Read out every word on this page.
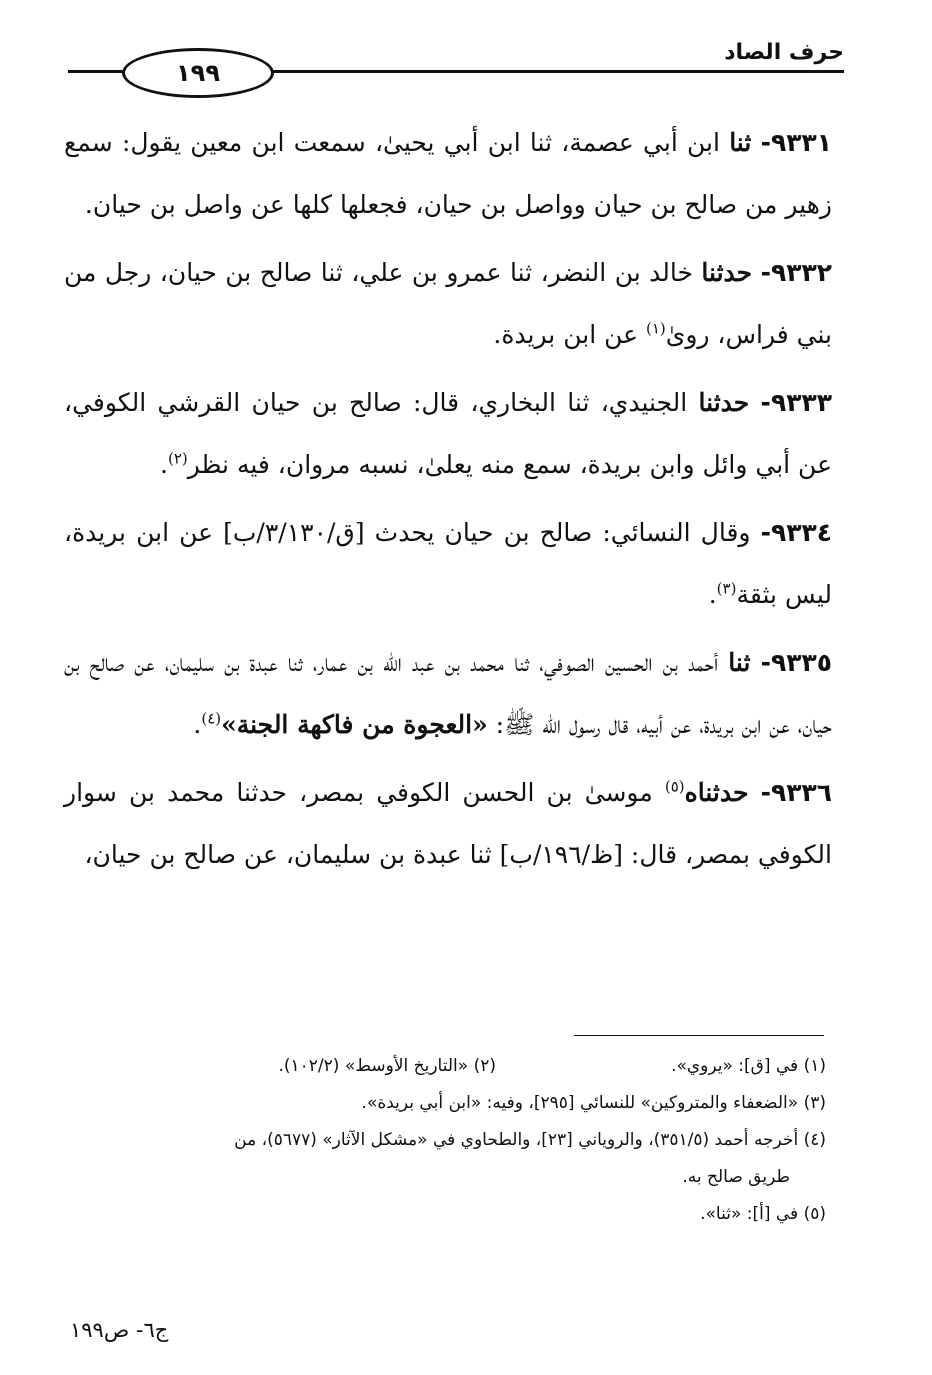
حرف الصاد
١٩٩

٩٣٣١- ثنا ابن أبي عصمة، ثنا ابن أبي يحيىٰ، سمعت ابن معين يقول: سمع زهير من صالح بن حيان وواصل بن حيان، فجعلها كلها عن واصل بن حيان.

٩٣٣٢- حدثنا خالد بن النضر، ثنا عمرو بن علي، ثنا صالح بن حيان، رجل من بني فراس، روىٰ$^{(١)}$ عن ابن بريدة.

٩٣٣٣- حدثنا الجنيدي، ثنا البخاري، قال: صالح بن حيان القرشي الكوفي، عن أبي وائل وابن بريدة، سمع منه يعلىٰ، نسبه مروان، فيه نظر$^{(٢)}$.

٩٣٣٤- وقال النسائي: صالح بن حيان يحدث [ق/٣/١٣٠/ب] عن ابن بريدة، ليس بثقة$^{(٣)}$.

٩٣٣٥- ثنا أحمد بن الحسين الصوفي، ثنا محمد بن عبد الله بن عمار، ثنا عبدة بن سليمان، عن صالح بن حيان، عن ابن بريدة، عن أبيه، قال رسول الله ﷺ: «العجوة من فاكهة الجنة»$^{(٤)}$.

٩٣٣٦- حدثناه$^{(٥)}$ موسىٰ بن الحسن الكوفي بمصر، حدثنا محمد بن سوار الكوفي بمصر، قال: [ظ/١٩٦/ب] ثنا عبدة بن سليمان، عن صالح بن حيان،

(١) في [ق]: «يروي».
(٢) «التاريخ الأوسط» (١٠٢/٢).
(٣) «الضعفاء والمتروكين» للنسائي [٢٩٥]، وفيه: «ابن أبي بريدة».
(٤) أخرجه أحمد (٣٥١/٥)، والروياني [٢٣]، والطحاوي في «مشكل الآثار» (٥٦٧٧)، من
طريق صالح به.
(٥) في [أ]: «ثنا».
ج٦- ص١٩٩
